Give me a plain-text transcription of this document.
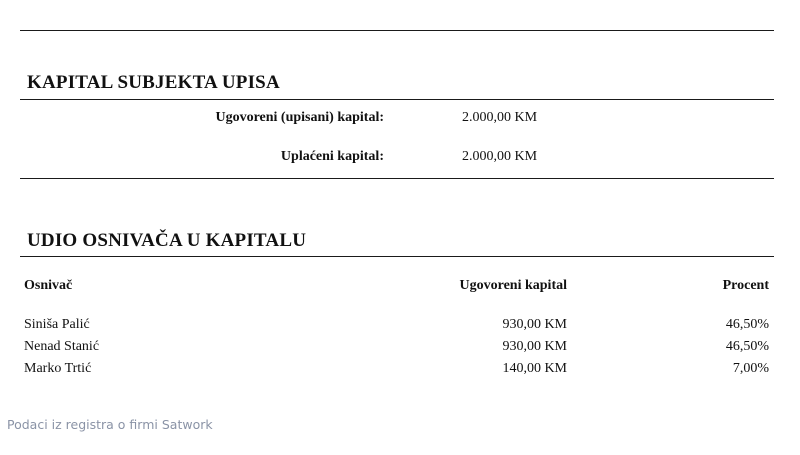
KAPITAL SUBJEKTA UPISA
Ugovoreni (upisani) kapital:	2.000,00 KM
Uplaćeni kapital:	2.000,00 KM
UDIO OSNIVAČA U KAPITALU
Osnivač	Ugovoreni kapital	Procent
Siniša Palić	930,00 KM	46,50%
Nenad Stanić	930,00 KM	46,50%
Marko Trtić	140,00 KM	7,00%
Podaci iz registra o firmi Satwork
